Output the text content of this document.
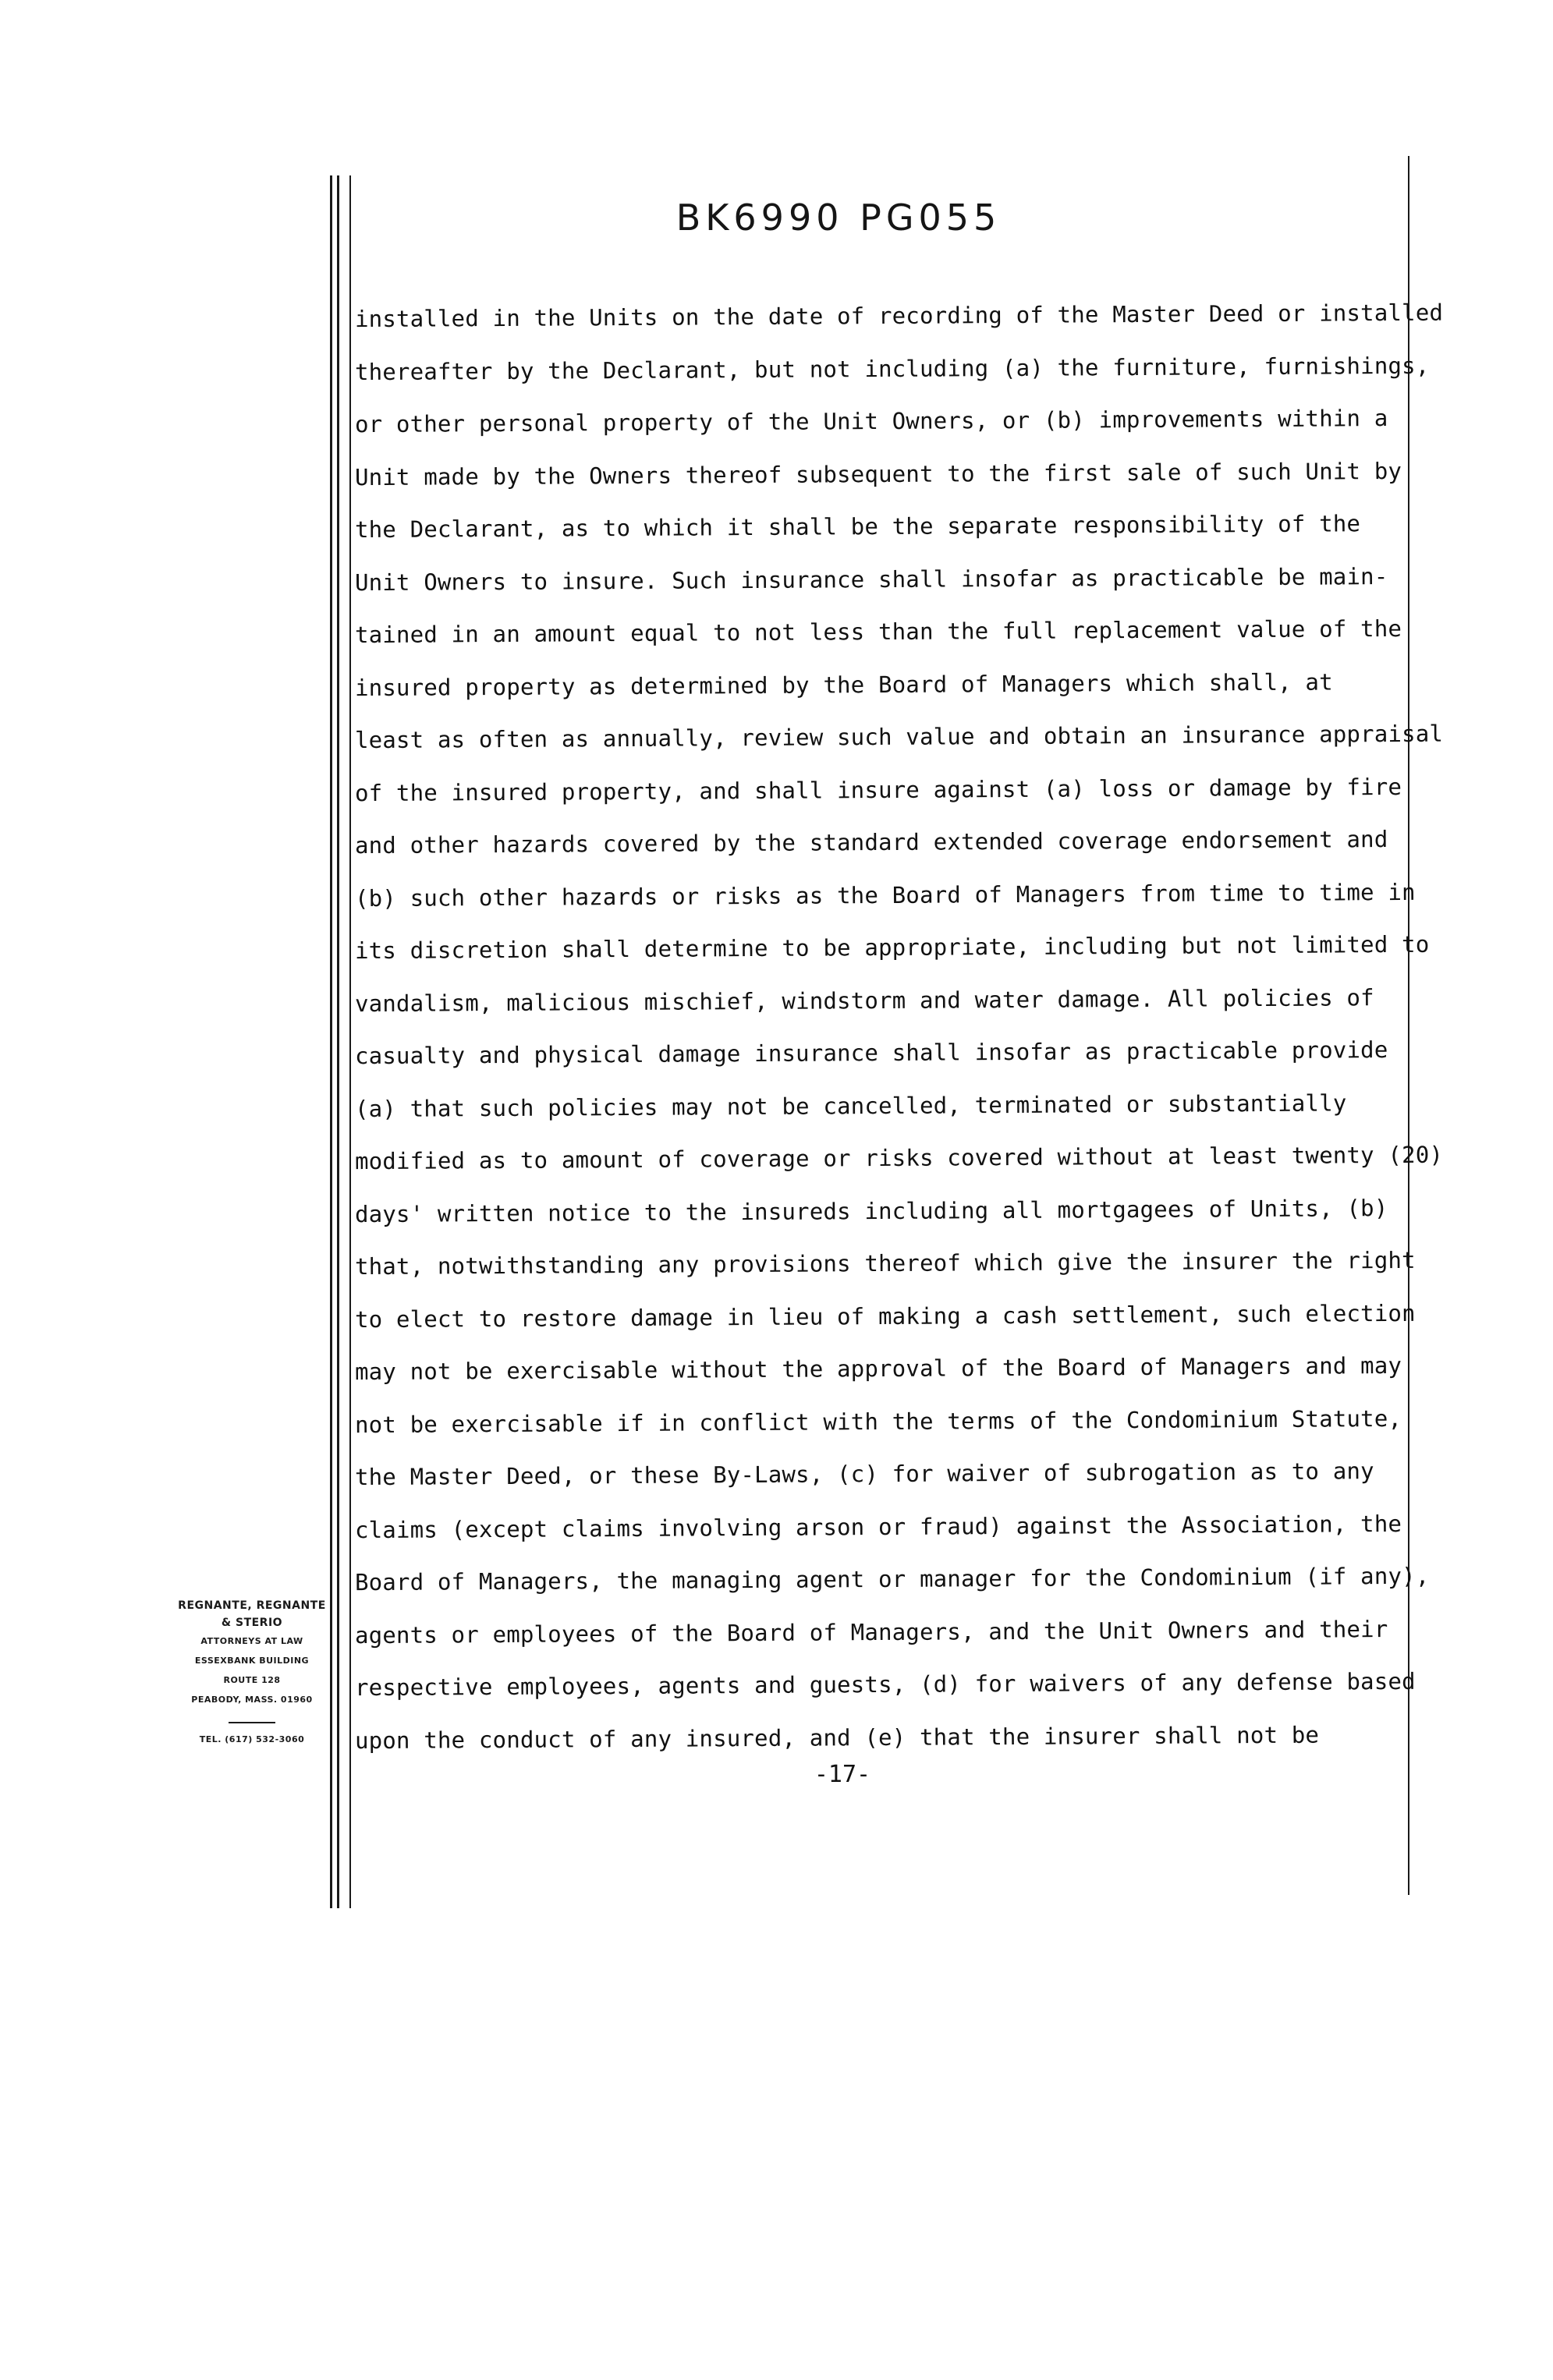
BK6990 PG055
installed in the Units on the date of recording of the Master Deed or installed
thereafter by the Declarant, but not including (a) the furniture, furnishings,
or other personal property of the Unit Owners, or (b) improvements within a
Unit made by the Owners thereof subsequent to the first sale of such Unit by
the Declarant, as to which it shall be the separate responsibility of the
Unit Owners to insure. Such insurance shall insofar as practicable be main-
tained in an amount equal to not less than the full replacement value of the
insured property as determined by the Board of Managers which shall, at
least as often as annually, review such value and obtain an insurance appraisal
of the insured property, and shall insure against (a) loss or damage by fire
and other hazards covered by the standard extended coverage endorsement and
(b) such other hazards or risks as the Board of Managers from time to time in
its discretion shall determine to be appropriate, including but not limited to
vandalism, malicious mischief, windstorm and water damage. All policies of
casualty and physical damage insurance shall insofar as practicable provide
(a) that such policies may not be cancelled, terminated or substantially
modified as to amount of coverage or risks covered without at least twenty (20)
days' written notice to the insureds including all mortgagees of Units, (b)
that, notwithstanding any provisions thereof which give the insurer the right
to elect to restore damage in lieu of making a cash settlement, such election
may not be exercisable without the approval of the Board of Managers and may
not be exercisable if in conflict with the terms of the Condominium Statute,
the Master Deed, or these By-Laws, (c) for waiver of subrogation as to any
claims (except claims involving arson or fraud) against the Association, the
Board of Managers, the managing agent or manager for the Condominium (if any),
agents or employees of the Board of Managers, and the Unit Owners and their
respective employees, agents and guests, (d) for waivers of any defense based
upon the conduct of any insured, and (e) that the insurer shall not be
-17-
REGNANTE, REGNANTE
& STERIO
ATTORNEYS AT LAW
ESSEXBANK BUILDING
ROUTE 128
PEABODY, MASS. 01960
TEL. (617) 532-3060
